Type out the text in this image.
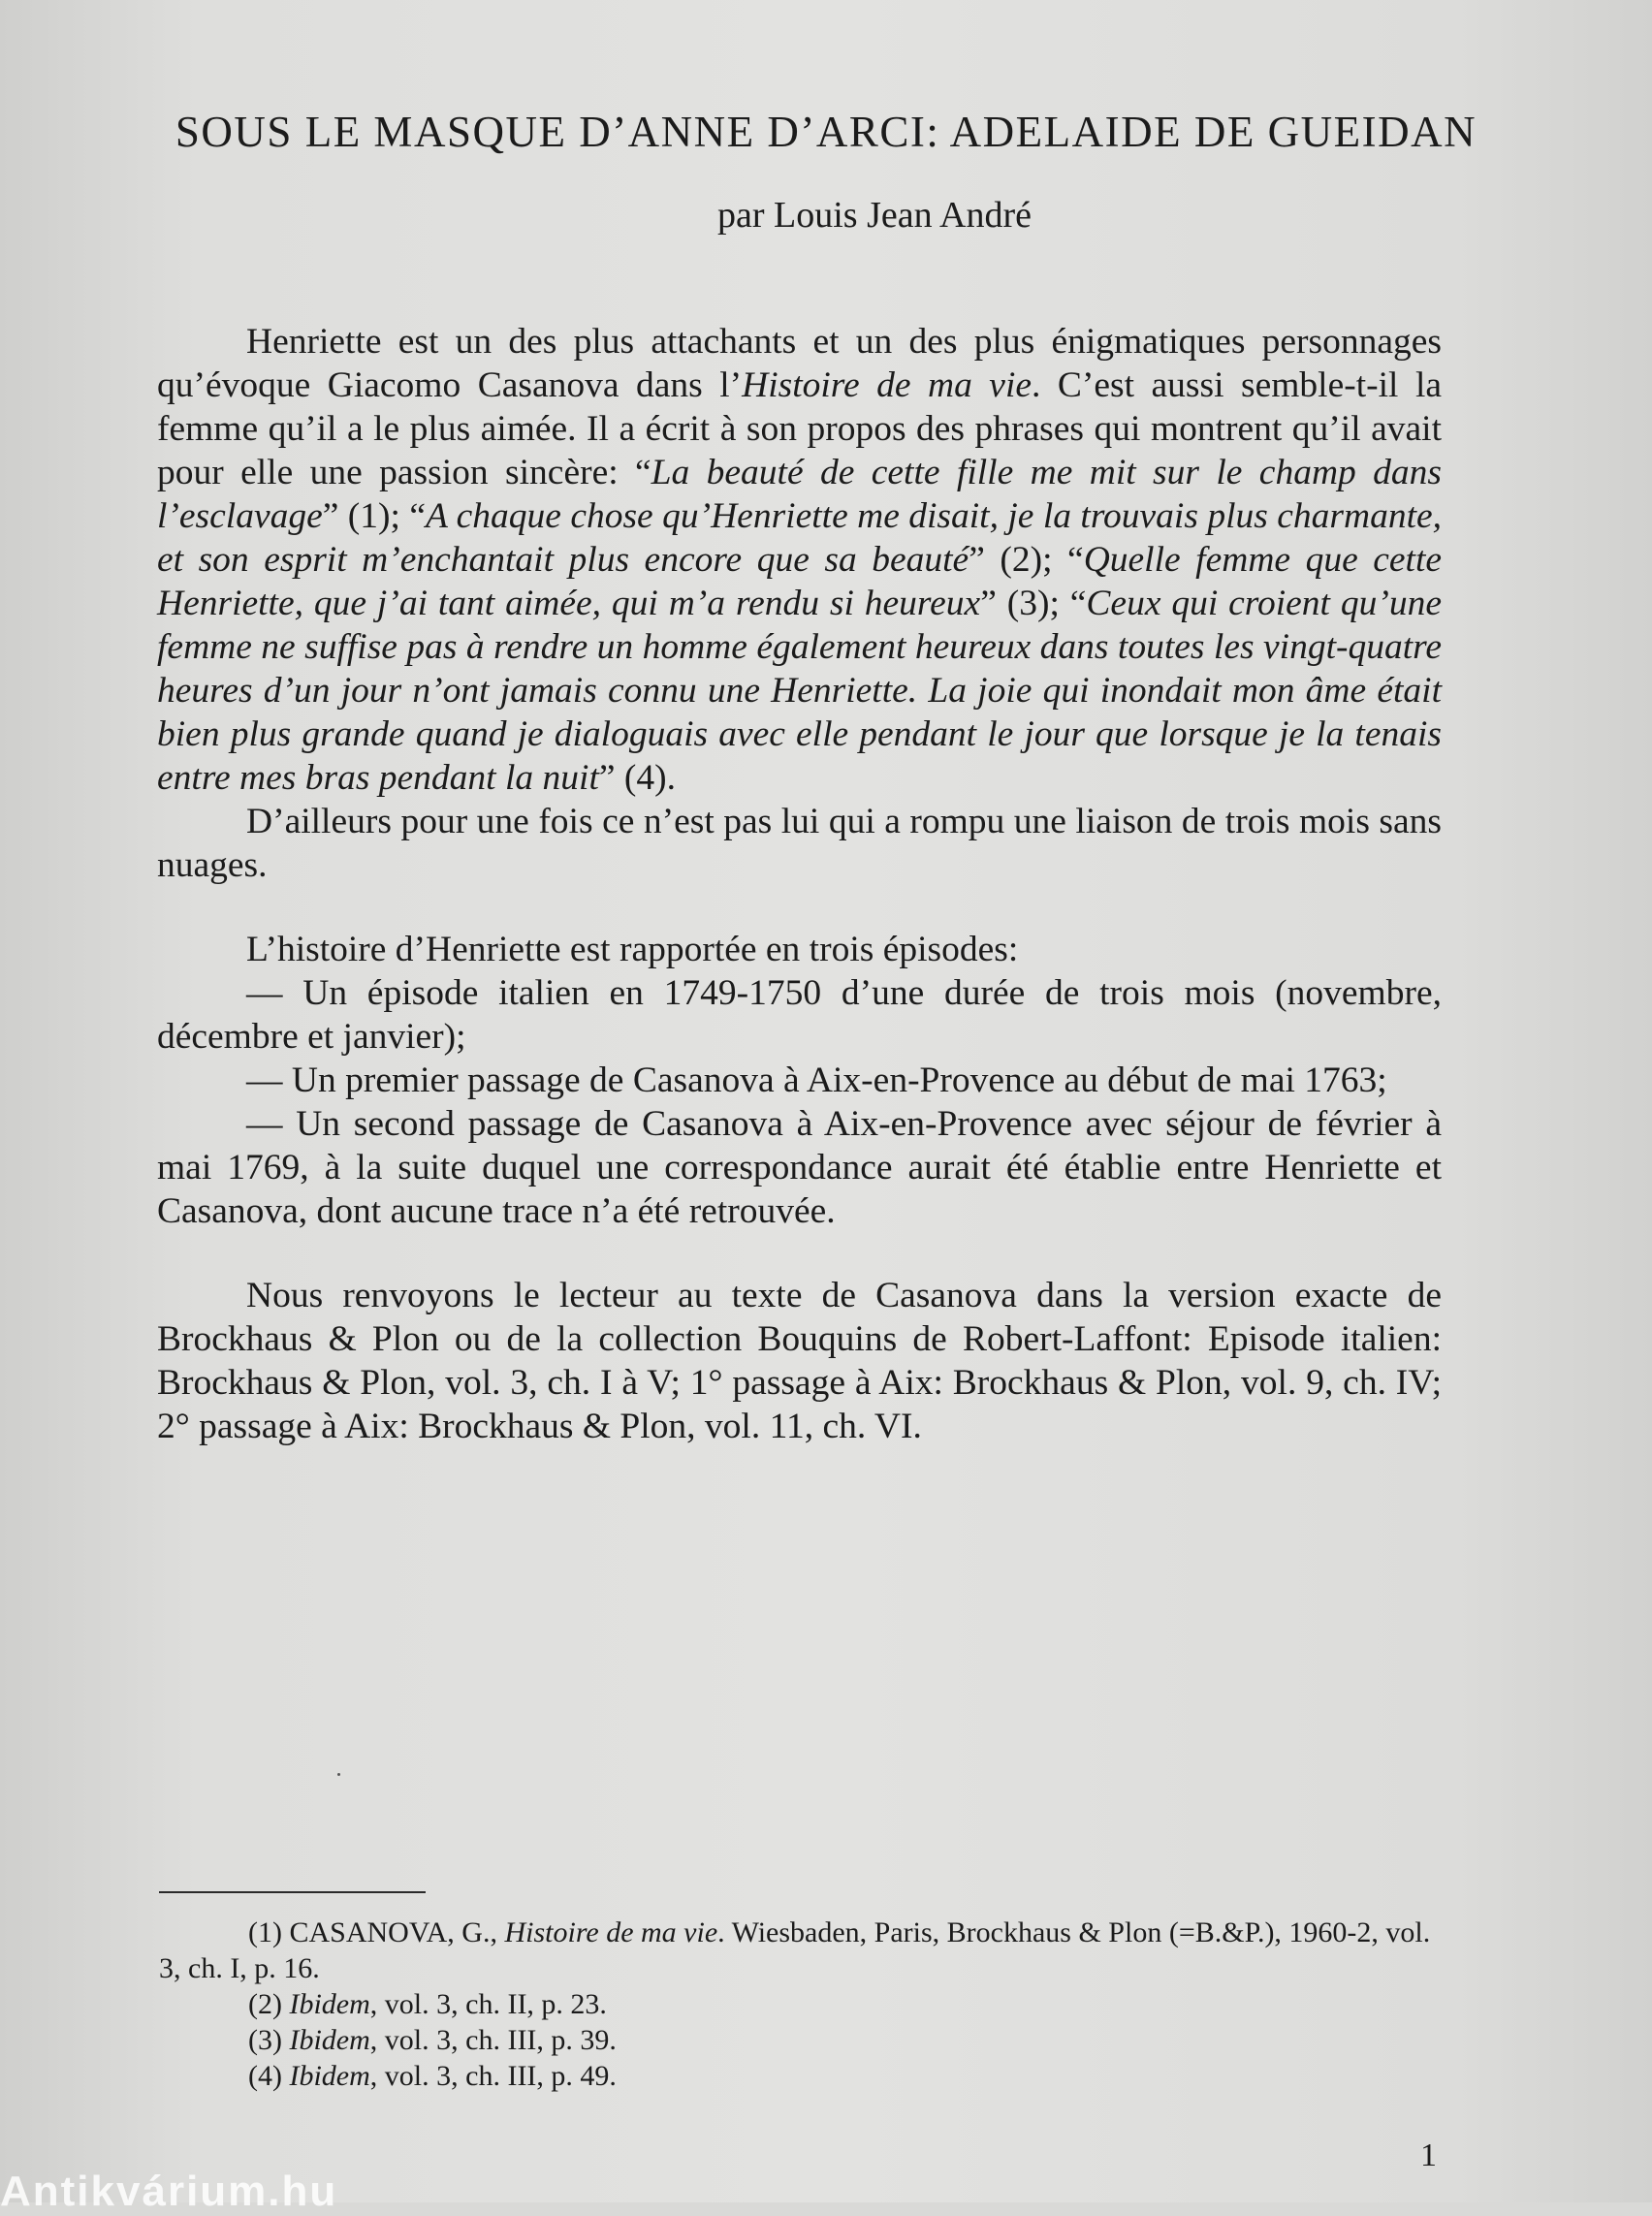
SOUS LE MASQUE D’ANNE D’ARCI: ADELAIDE DE GUEIDAN
par Louis Jean André

Henriette est un des plus attachants et un des plus énigmatiques personnages qu’évoque Giacomo Casanova dans l’Histoire de ma vie. C’est aussi semble-t-il la femme qu’il a le plus aimée. Il a écrit à son propos des phrases qui montrent qu’il avait pour elle une passion sincère: “La beauté de cette fille me mit sur le champ dans l’esclavage” (1); “A chaque chose qu’Henriette me disait, je la trouvais plus charmante, et son esprit m’enchantait plus encore que sa beauté” (2); “Quelle femme que cette Henriette, que j’ai tant aimée, qui m’a rendu si heureux” (3); “Ceux qui croient qu’une femme ne suffise pas à rendre un homme également heureux dans toutes les vingt-quatre heures d’un jour n’ont jamais connu une Henriette. La joie qui inondait mon âme était bien plus grande quand je dialoguais avec elle pendant le jour que lorsque je la tenais entre mes bras pendant la nuit” (4).

D’ailleurs pour une fois ce n’est pas lui qui a rompu une liaison de trois mois sans nuages.

L’histoire d’Henriette est rapportée en trois épisodes:

— Un épisode italien en 1749-1750 d’une durée de trois mois (novembre, décembre et janvier);

— Un premier passage de Casanova à Aix-en-Provence au début de mai 1763;

— Un second passage de Casanova à Aix-en-Provence avec séjour de février à mai 1769, à la suite duquel une correspondance aurait été établie entre Henriette et Casanova, dont aucune trace n’a été retrouvée.

Nous renvoyons le lecteur au texte de Casanova dans la version exacte de Brockhaus & Plon ou de la collection Bouquins de Robert-Laffont: Episode italien: Brockhaus & Plon, vol. 3, ch. I à V; 1° passage à Aix: Brockhaus & Plon, vol. 9, ch. IV; 2° passage à Aix: Brockhaus & Plon, vol. 11, ch. VI.

(1) CASANOVA, G., Histoire de ma vie. Wiesbaden, Paris, Brockhaus & Plon (=B.&P.), 1960-2, vol. 3, ch. I, p. 16.

(2) Ibidem, vol. 3, ch. II, p. 23.

(3) Ibidem, vol. 3, ch. III, p. 39.

(4) Ibidem, vol. 3, ch. III, p. 49.

1
Antikvárium.hu
